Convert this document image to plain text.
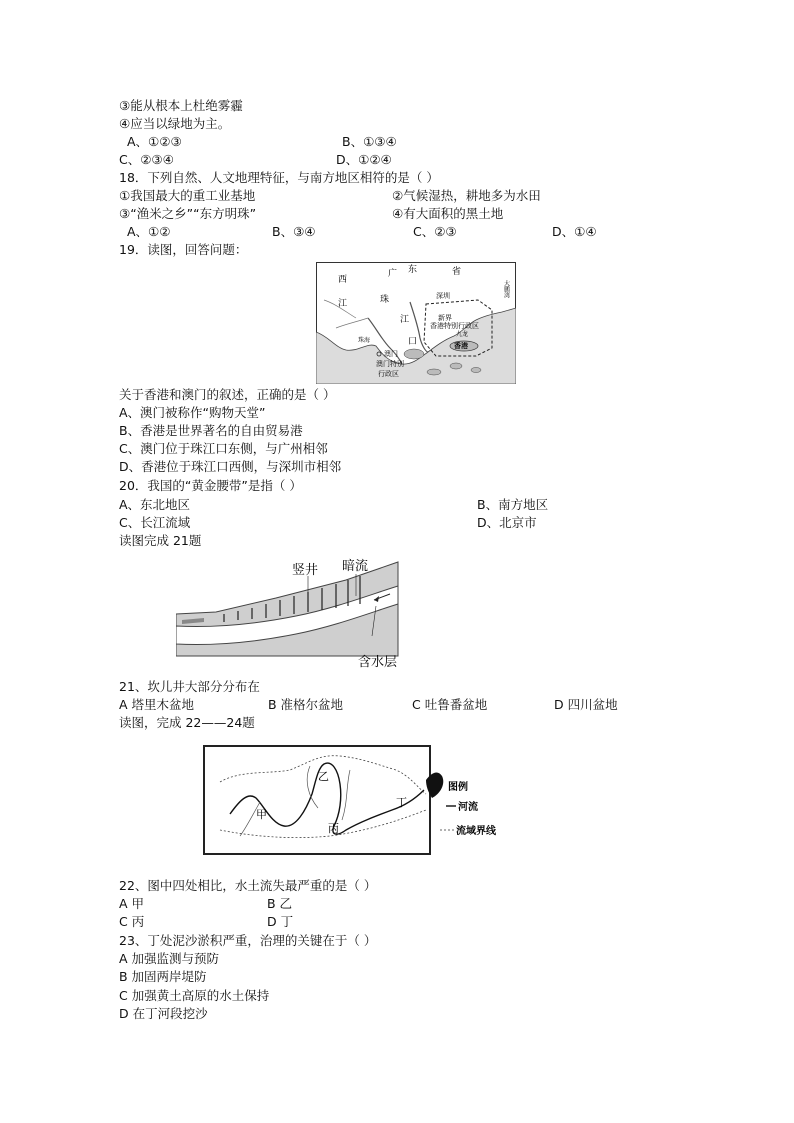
③能从根本上杜绝雾霾
④应当以绿地为主。
A、①②③	B、①③④
C、②③④	D、①②④
18．下列自然、人文地理特征，与南方地区相符的是（ ）
①我国最大的重工业基地	②气候湿热，耕地多为水田
③“渔米之乡”“东方明珠”	④有大面积的黑土地
A、①②	B、③④	C、②③	D、①④
19．读图，回答问题：
广 东	省
西
珠
江
江
口
深圳
新界
香港特别行政区
九龙
香港
珠海
澳门
澳门特别
行政区
大鹏湾
关于香港和澳门的叙述，正确的是（ ）
A、澳门被称作“购物天堂”
B、香港是世界著名的自由贸易港
C、澳门位于珠江口东侧，与广州相邻
D、香港位于珠江口西侧，与深圳市相邻
20．我国的“黄金腰带”是指（ ）
A、东北地区	B、南方地区
C、长江流域	D、北京市
读图完成 21题
竖井 暗流
含水层
21、坎儿井大部分分布在
A 塔里木盆地	B 准格尔盆地	C 吐鲁番盆地	D 四川盆地
读图，完成 22——24题
乙
甲
丙
丁
图例
河流
流域界线
22、图中四处相比，水土流失最严重的是（ ）
A 甲	B 乙
C 丙	D 丁
23、丁处泥沙淤积严重，治理的关键在于（ ）
A 加强监测与预防
B 加固两岸堤防
C 加强黄土高原的水土保持
D 在丁河段挖沙
